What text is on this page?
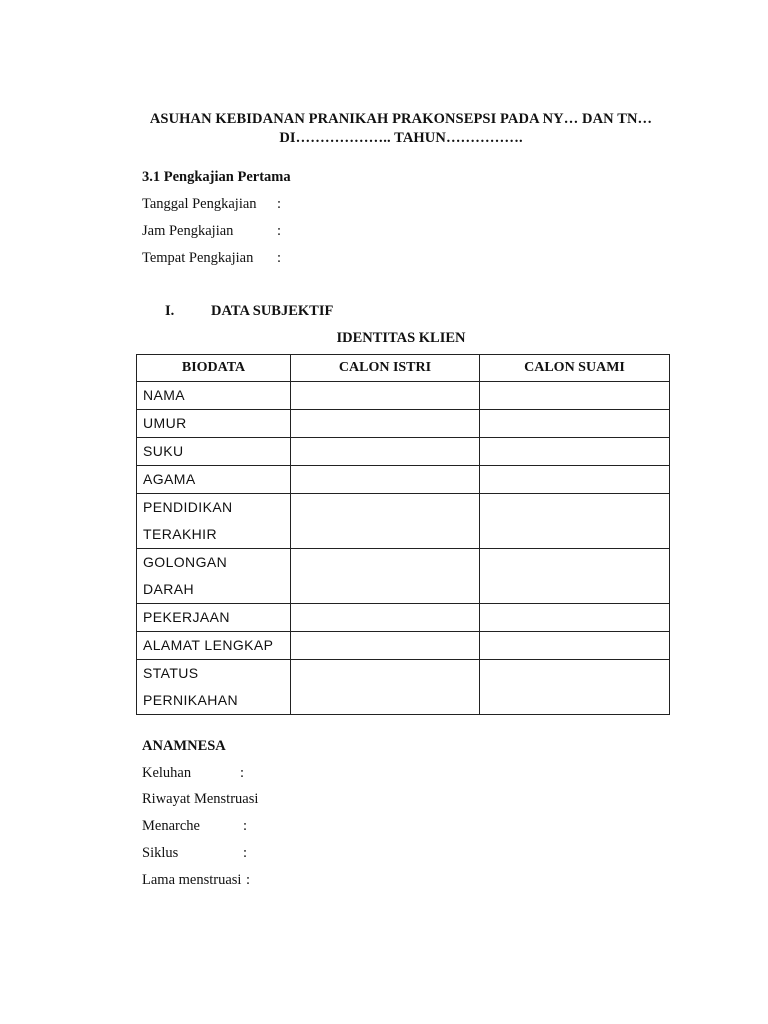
ASUHAN KEBIDANAN PRANIKAH PRAKONSEPSI PADA NY… DAN TN…
DI……………….. TAHUN…………….
3.1 Pengkajian Pertama
Tanggal Pengkajian :
Jam Pengkajian	:
Tempat Pengkajian :
I.	DATA SUBJEKTIF
IDENTITAS KLIEN
BIODATA	CALON ISTRI	CALON SUAMI

NAMA		

UMUR		

SUKU		

AGAMA		

PENDIDIKAN
TERAKHIR		

GOLONGAN
DARAH		

PEKERJAAN		

ALAMAT LENGKAP		

STATUS
PERNIKAHAN		

ANAMNESA
Keluhan	:
Riwayat Menstruasi
Menarche	:
Siklus	:
Lama menstruasi :
